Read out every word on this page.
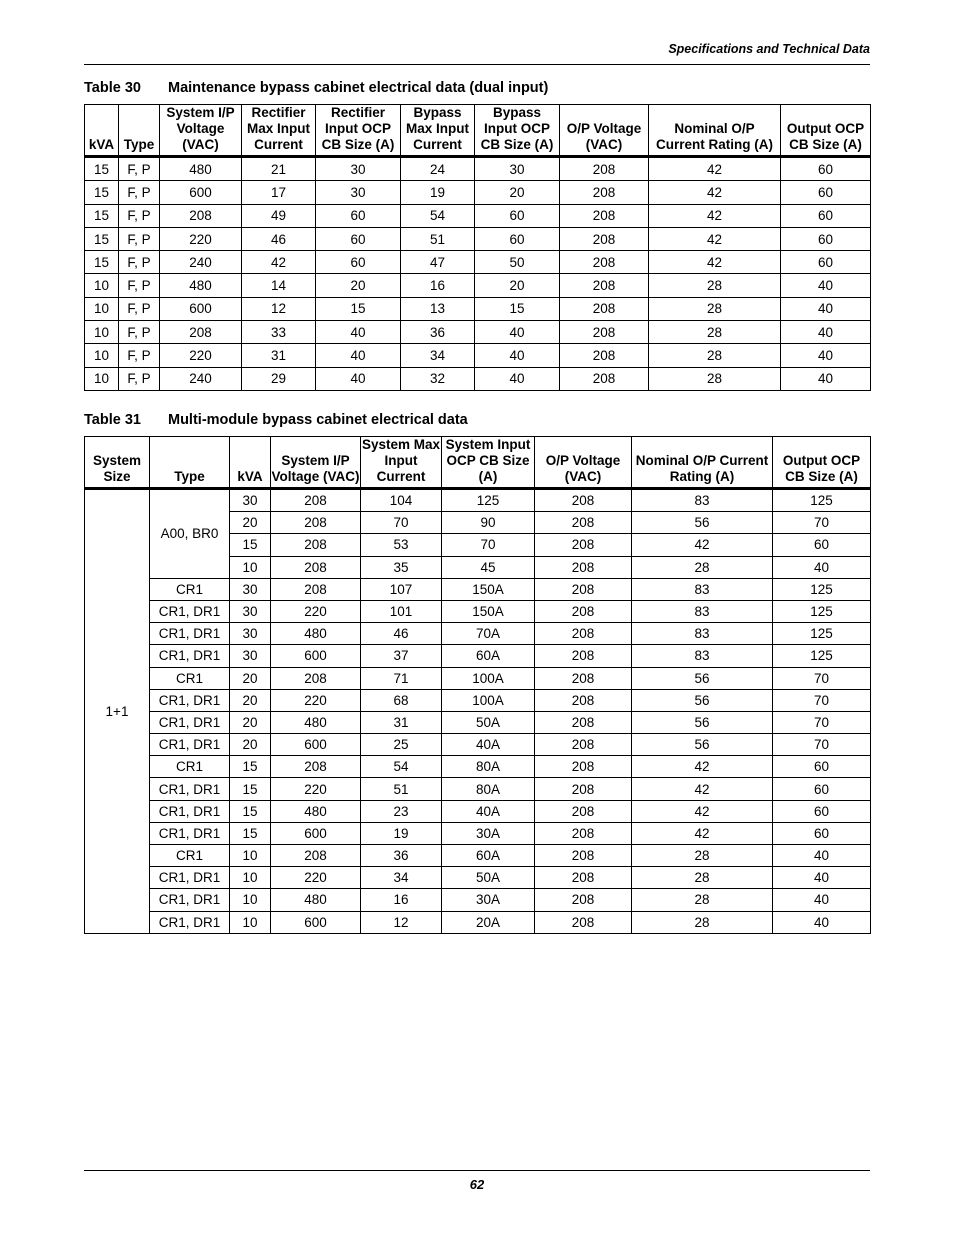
Specifications and Technical Data
Table 30 Maintenance bypass cabinet electrical data (dual input)
kVA	Type	System I/P Voltage (VAC)	Rectifier Max Input Current	Rectifier Input OCP CB Size (A)	Bypass Max Input Current	Bypass Input OCP CB Size (A)	O/P Voltage (VAC)	Nominal O/P Current Rating (A)	Output OCP CB Size (A)
15	F, P	480	21	30	24	30	208	42	60
15	F, P	600	17	30	19	20	208	42	60
15	F, P	208	49	60	54	60	208	42	60
15	F, P	220	46	60	51	60	208	42	60
15	F, P	240	42	60	47	50	208	42	60
10	F, P	480	14	20	16	20	208	28	40
10	F, P	600	12	15	13	15	208	28	40
10	F, P	208	33	40	36	40	208	28	40
10	F, P	220	31	40	34	40	208	28	40
10	F, P	240	29	40	32	40	208	28	40
Table 31 Multi-module bypass cabinet electrical data
System Size	Type	kVA	System I/P Voltage (VAC)	System Max Input Current	System Input OCP CB Size (A)	O/P Voltage (VAC)	Nominal O/P Current Rating (A)	Output OCP CB Size (A)
1+1	A00, BR0	30	208	104	125	208	83	125
		20	208	70	90	208	56	70
		15	208	53	70	208	42	60
		10	208	35	45	208	28	40
	CR1	30	208	107	150A	208	83	125
	CR1, DR1	30	220	101	150A	208	83	125
	CR1, DR1	30	480	46	70A	208	83	125
	CR1, DR1	30	600	37	60A	208	83	125
	CR1	20	208	71	100A	208	56	70
	CR1, DR1	20	220	68	100A	208	56	70
	CR1, DR1	20	480	31	50A	208	56	70
	CR1, DR1	20	600	25	40A	208	56	70
	CR1	15	208	54	80A	208	42	60
	CR1, DR1	15	220	51	80A	208	42	60
	CR1, DR1	15	480	23	40A	208	42	60
	CR1, DR1	15	600	19	30A	208	42	60
	CR1	10	208	36	60A	208	28	40
	CR1, DR1	10	220	34	50A	208	28	40
	CR1, DR1	10	480	16	30A	208	28	40
	CR1, DR1	10	600	12	20A	208	28	40
62
